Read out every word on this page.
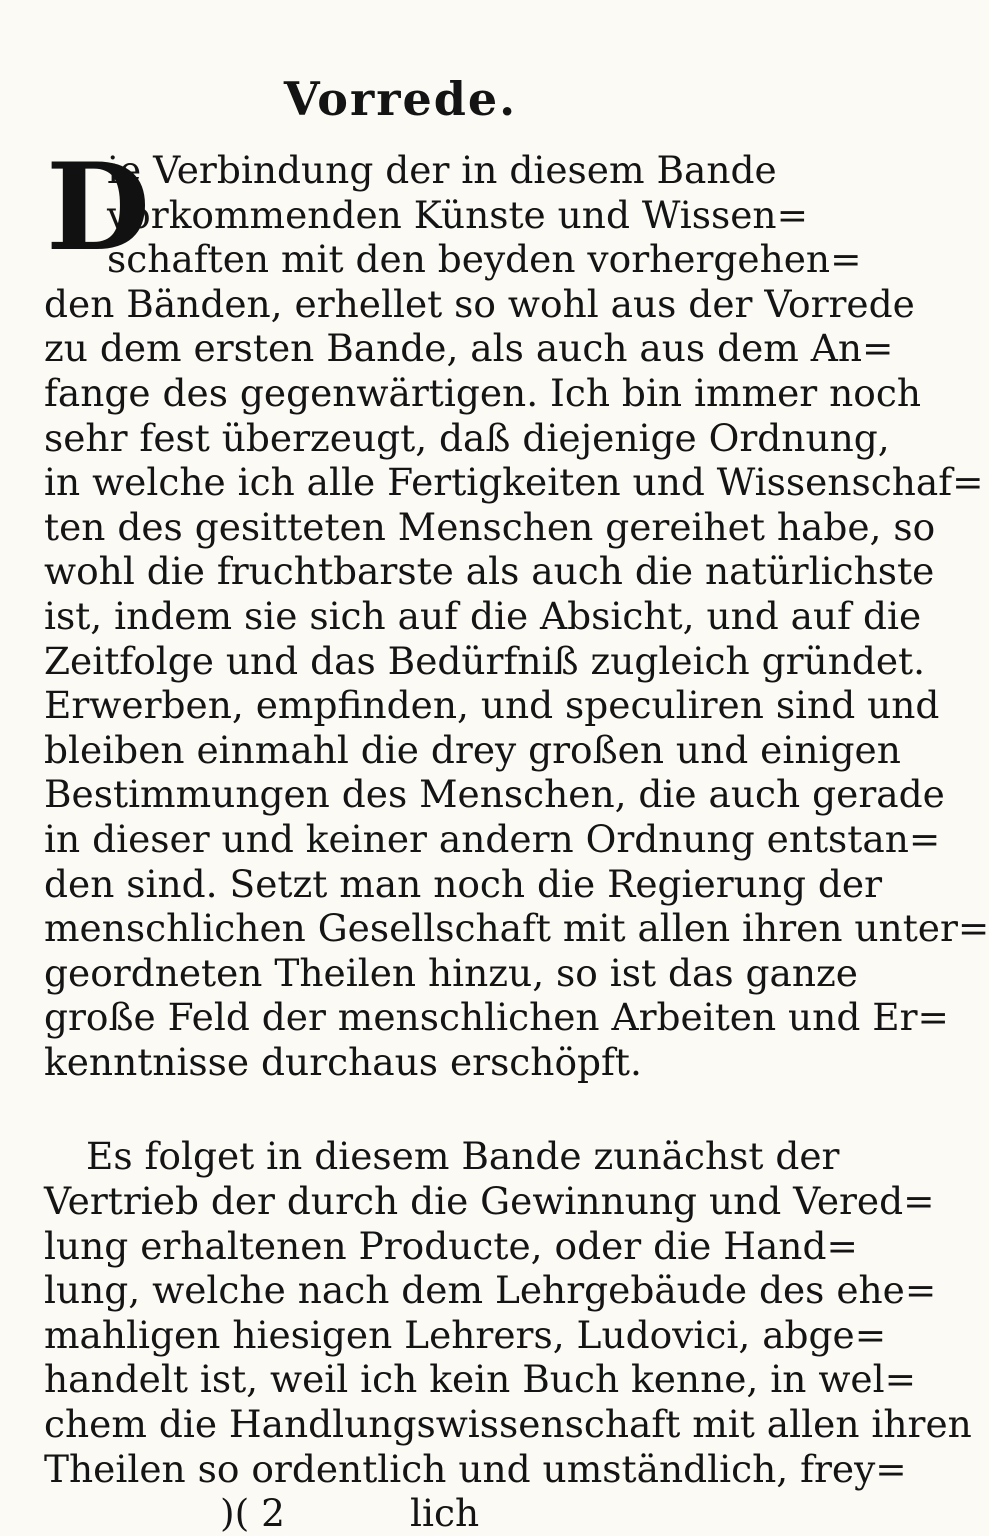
Vorrede.
D
ie Verbindung der in diesem Bande
vorkommenden Künste und Wissen=
schaften mit den beyden vorhergehen=
den Bänden, erhellet so wohl aus der Vorrede
zu dem ersten Bande, als auch aus dem An=
fange des gegenwärtigen. Ich bin immer noch
sehr fest überzeugt, daß diejenige Ordnung,
in welche ich alle Fertigkeiten und Wissenschaf=
ten des gesitteten Menschen gereihet habe, so
wohl die fruchtbarste als auch die natürlichste
ist, indem sie sich auf die Absicht, und auf die
Zeitfolge und das Bedürfniß zugleich gründet.
Erwerben, empfinden, und speculiren sind und
bleiben einmahl die drey großen und einigen
Bestimmungen des Menschen, die auch gerade
in dieser und keiner andern Ordnung entstan=
den sind. Setzt man noch die Regierung der
menschlichen Gesellschaft mit allen ihren unter=
geordneten Theilen hinzu, so ist das ganze
große Feld der menschlichen Arbeiten und Er=
kenntnisse durchaus erschöpft.
Es folget in diesem Bande zunächst der
Vertrieb der durch die Gewinnung und Vered=
lung erhaltenen Producte, oder die Hand=
lung, welche nach dem Lehrgebäude des ehe=
mahligen hiesigen Lehrers, Ludovici, abge=
handelt ist, weil ich kein Buch kenne, in wel=
chem die Handlungswissenschaft mit allen ihren
Theilen so ordentlich und umständlich, frey=
)( 2	lich
